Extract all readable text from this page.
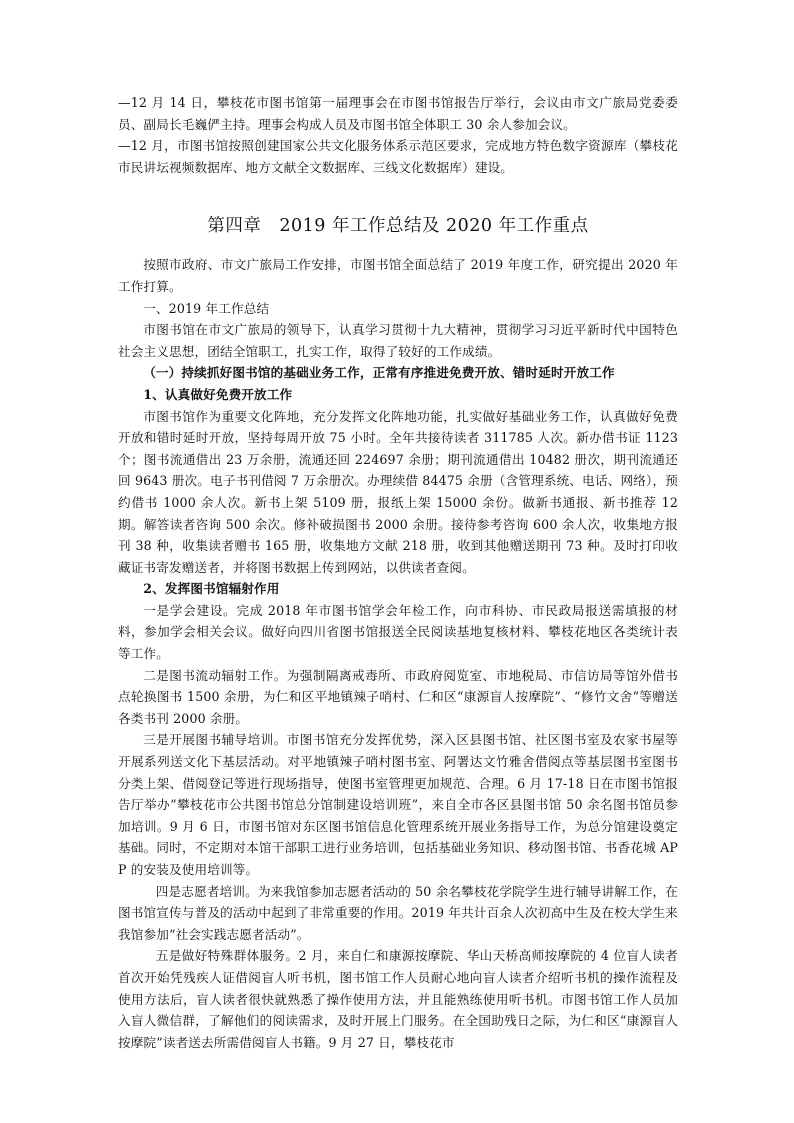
—12 月 14 日，攀枝花市图书馆第一届理事会在市图书馆报告厅举行，会议由市文广旅局党委委员、副局长毛巍俨主持。理事会构成人员及市图书馆全体职工 30 余人参加会议。

—12 月，市图书馆按照创建国家公共文化服务体系示范区要求，完成地方特色数字资源库（攀枝花市民讲坛视频数据库、地方文献全文数据库、三线文化数据库）建设。

第四章　2019 年工作总结及 2020 年工作重点

按照市政府、市文广旅局工作安排，市图书馆全面总结了 2019 年度工作，研究提出 2020 年工作打算。

一、2019 年工作总结

市图书馆在市文广旅局的领导下，认真学习贯彻十九大精神，贯彻学习习近平新时代中国特色社会主义思想，团结全馆职工，扎实工作，取得了较好的工作成绩。

（一）持续抓好图书馆的基础业务工作，正常有序推进免费开放、错时延时开放工作

1、认真做好免费开放工作

市图书馆作为重要文化阵地，充分发挥文化阵地功能，扎实做好基础业务工作，认真做好免费开放和错时延时开放，坚持每周开放 75 小时。全年共接待读者 311785 人次。新办借书证 1123 个；图书流通借出 23 万余册，流通还回 224697 余册；期刊流通借出 10482 册次，期刊流通还回 9643 册次。电子书刊借阅 7 万余册次。办理续借 84475 余册（含管理系统、电话、网络），预约借书 1000 余人次。新书上架 5109 册，报纸上架 15000 余份。做新书通报、新书推荐 12 期。解答读者咨询 500 余次。修补破损图书 2000 余册。接待参考咨询 600 余人次，收集地方报刊 38 种，收集读者赠书 165 册，收集地方文献 218 册，收到其他赠送期刊 73 种。及时打印收藏证书寄发赠送者，并将图书数据上传到网站，以供读者查阅。

2、发挥图书馆辐射作用

一是学会建设。完成 2018 年市图书馆学会年检工作，向市科协、市民政局报送需填报的材料，参加学会相关会议。做好向四川省图书馆报送全民阅读基地复核材料、攀枝花地区各类统计表等工作。

二是图书流动辐射工作。为强制隔离戒毒所、市政府阅览室、市地税局、市信访局等馆外借书点轮换图书 1500 余册，为仁和区平地镇辣子哨村、仁和区“康源盲人按摩院”、“修竹文舍”等赠送各类书刊 2000 余册。

三是开展图书辅导培训。市图书馆充分发挥优势，深入区县图书馆、社区图书室及农家书屋等开展系列送文化下基层活动。对平地镇辣子哨村图书室、阿署达文竹雅舍借阅点等基层图书室图书分类上架、借阅登记等进行现场指导，使图书室管理更加规范、合理。6 月 17-18 日在市图书馆报告厅举办“攀枝花市公共图书馆总分馆制建设培训班”，来自全市各区县图书馆 50 余名图书馆员参加培训。9 月 6 日，市图书馆对东区图书馆信息化管理系统开展业务指导工作，为总分馆建设奠定基础。同时，不定期对本馆干部职工进行业务培训，包括基础业务知识、移动图书馆、书香花城 APP 的安装及使用培训等。

四是志愿者培训。为来我馆参加志愿者活动的 50 余名攀枝花学院学生进行辅导讲解工作，在图书馆宣传与普及的活动中起到了非常重要的作用。2019 年共计百余人次初高中生及在校大学生来我馆参加“社会实践志愿者活动”。

五是做好特殊群体服务。2 月，来自仁和康源按摩院、华山天桥高师按摩院的 4 位盲人读者首次开始凭残疾人证借阅盲人听书机，图书馆工作人员耐心地向盲人读者介绍听书机的操作流程及使用方法后，盲人读者很快就熟悉了操作使用方法，并且能熟练使用听书机。市图书馆工作人员加入盲人微信群，了解他们的阅读需求，及时开展上门服务。在全国助残日之际，为仁和区“康源盲人按摩院”读者送去所需借阅盲人书籍。9 月 27 日，攀枝花市
